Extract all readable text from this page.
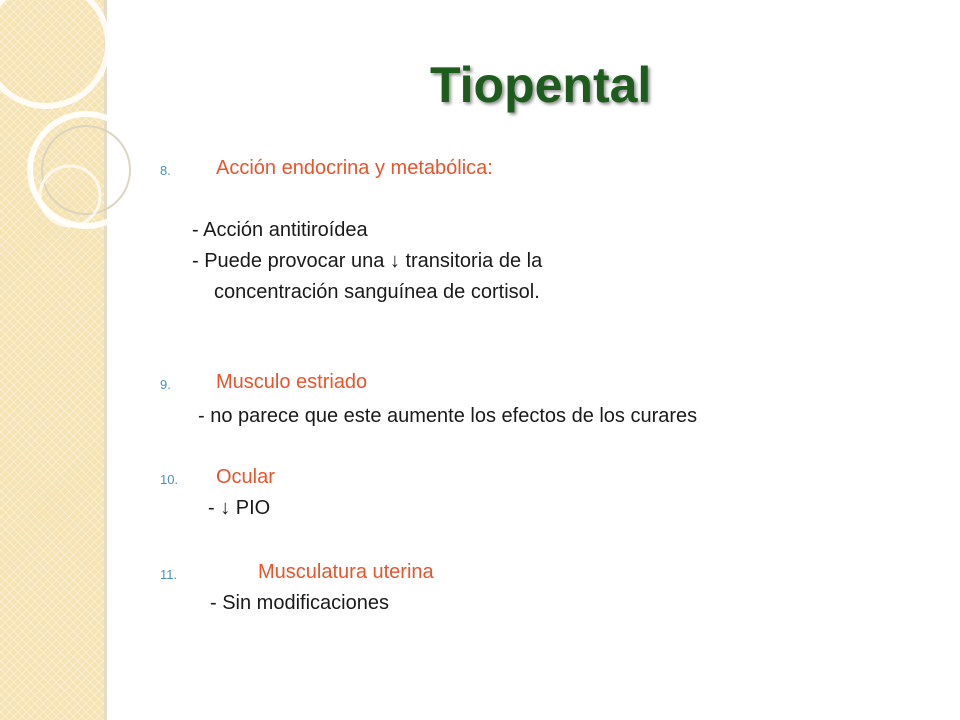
Tiopental
8. Acción endocrina y metabólica:

- Acción antitiroídea

- Puede provocar una ↓ transitoria de la

concentración sanguínea de cortisol.

9. Musculo estriado

- no parece que este aumente los efectos de los curares

10. Ocular

- ↓ PIO

11.	Musculatura uterina

- Sin modificaciones
